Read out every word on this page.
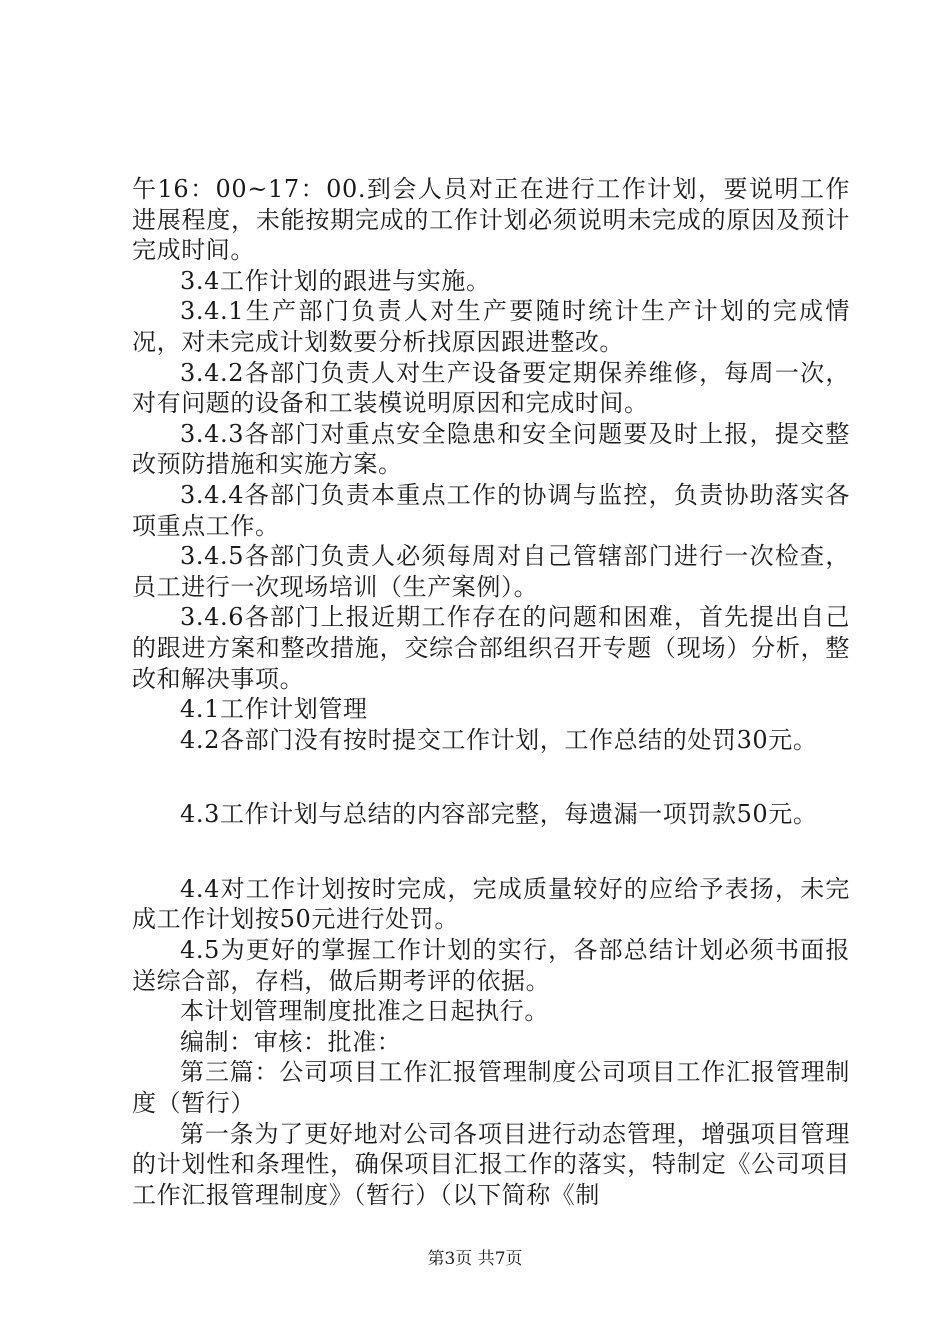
午16：00~17：00.到会人员对正在进行工作计划，要说明工作进展程度，未能按期完成的工作计划必须说明未完成的原因及预计完成时间。

3.4工作计划的跟进与实施。

3.4.1生产部门负责人对生产要随时统计生产计划的完成情况，对未完成计划数要分析找原因跟进整改。

3.4.2各部门负责人对生产设备要定期保养维修，每周一次，对有问题的设备和工装模说明原因和完成时间。

3.4.3各部门对重点安全隐患和安全问题要及时上报，提交整改预防措施和实施方案。

3.4.4各部门负责本重点工作的协调与监控，负责协助落实各项重点工作。

3.4.5各部门负责人必须每周对自己管辖部门进行一次检查，员工进行一次现场培训（生产案例）。

3.4.6各部门上报近期工作存在的问题和困难，首先提出自己的跟进方案和整改措施，交综合部组织召开专题（现场）分析，整改和解决事项。

4.1工作计划管理

4.2各部门没有按时提交工作计划，工作总结的处罚30元。

4.3工作计划与总结的内容部完整，每遗漏一项罚款50元。

4.4对工作计划按时完成，完成质量较好的应给予表扬，未完成工作计划按50元进行处罚。

4.5为更好的掌握工作计划的实行，各部总结计划必须书面报送综合部，存档，做后期考评的依据。

本计划管理制度批准之日起执行。

编制：审核：批准：

第三篇：公司项目工作汇报管理制度公司项目工作汇报管理制度（暂行）

第一条为了更好地对公司各项目进行动态管理，增强项目管理的计划性和条理性，确保项目汇报工作的落实，特制定《公司项目工作汇报管理制度》（暂行）（以下简称《制

第3页 共7页
